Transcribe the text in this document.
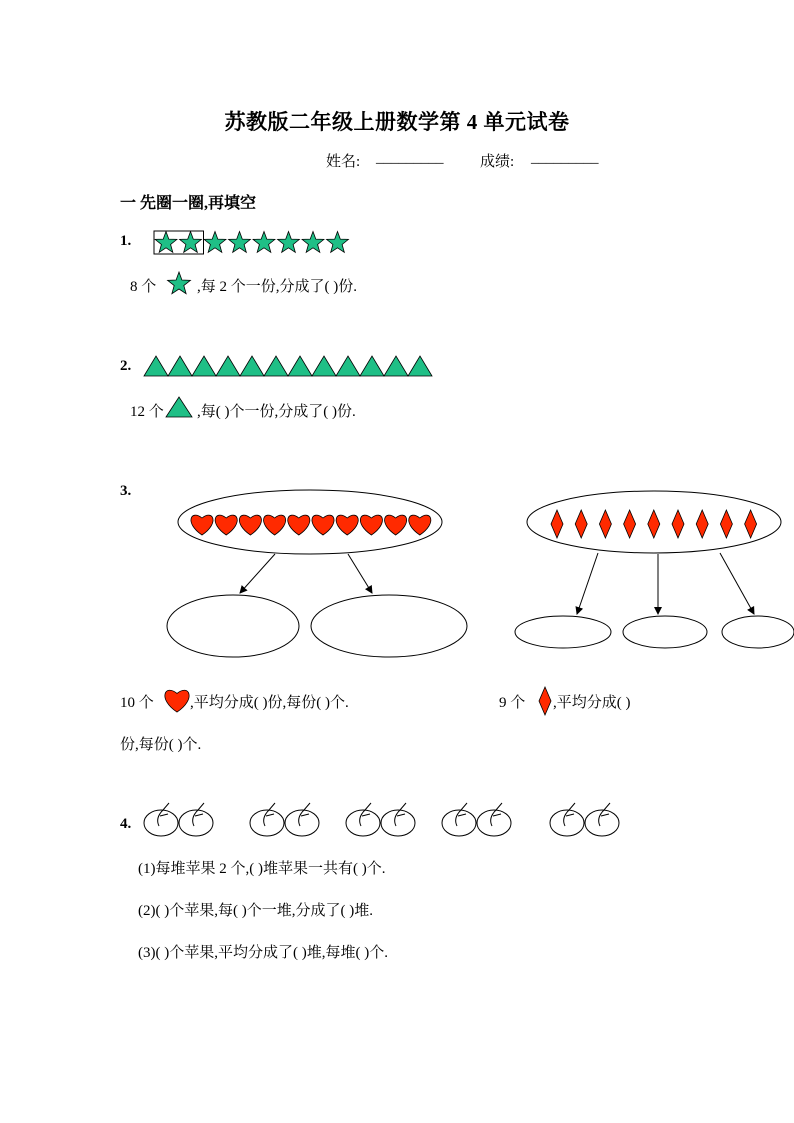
苏教版二年级上册数学第 4 单元试卷
姓名: _________ 成绩: _________
一 先圈一圈,再填空
1.
8 个	,每 2 个一份,分成了( )份.
2.
12 个 ,每( )个一份,分成了( )份.
3.
10 个 ,平均分成( )份,每份( )个.	9 个 ,平均分成( )
份,每份( )个.
4.
(1)每堆苹果 2 个,( )堆苹果一共有( )个.
(2)( )个苹果,每( )个一堆,分成了( )堆.
(3)( )个苹果,平均分成了( )堆,每堆( )个.
